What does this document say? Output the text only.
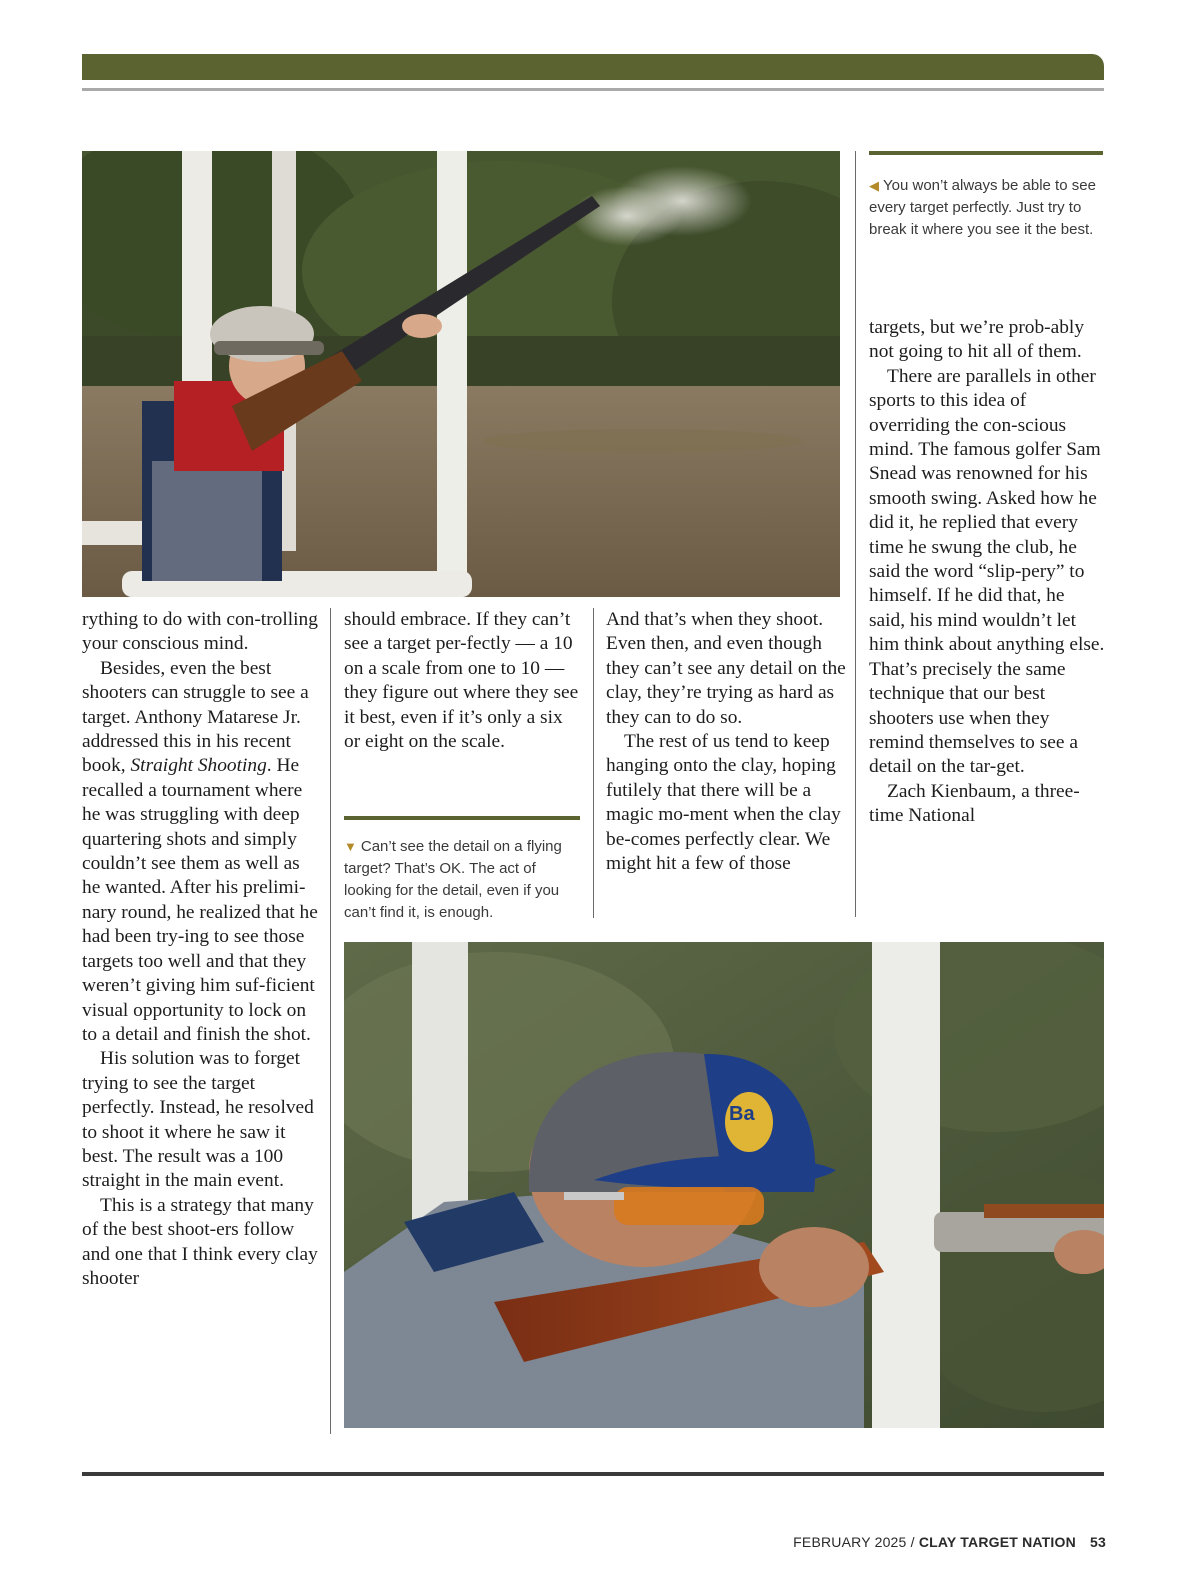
◀ You won’t always be able to see every target perfectly. Just try to break it where you see it the best.

rything to do with con-trolling your conscious mind.

Besides, even the best shooters can struggle to see a target. Anthony Matarese Jr. addressed this in his recent book, Straight Shooting. He recalled a tournament where he was struggling with deep quartering shots and simply couldn’t see them as well as he wanted. After his prelimi-nary round, he realized that he had been try-ing to see those targets too well and that they weren’t giving him suf-ficient visual opportunity to lock on to a detail and finish the shot.

His solution was to forget trying to see the target perfectly. Instead, he resolved to shoot it where he saw it best. The result was a 100 straight in the main event.

This is a strategy that many of the best shoot-ers follow and one that I think every clay shooter

should embrace. If they can’t see a target per-fectly — a 10 on a scale from one to 10 — they figure out where they see it best, even if it’s only a six or eight on the scale.

▼ Can’t see the detail on a flying target? That’s OK. The act of looking for the detail, even if you can’t find it, is enough.

And that’s when they shoot. Even then, and even though they can’t see any detail on the clay, they’re trying as hard as they can to do so.

The rest of us tend to keep hanging onto the clay, hoping futilely that there will be a magic mo-ment when the clay be-comes perfectly clear. We might hit a few of those

targets, but we’re prob-ably not going to hit all of them.

There are parallels in other sports to this idea of overriding the con-scious mind. The famous golfer Sam Snead was renowned for his smooth swing. Asked how he did it, he replied that every time he swung the club, he said the word “slip-pery” to himself. If he did that, he said, his mind wouldn’t let him think about anything else. That’s precisely the same technique that our best shooters use when they remind themselves to see a detail on the tar-get.

Zach Kienbaum, a three-time National

Ba
FEBRUARY 2025 / CLAY TARGET NATION 53
